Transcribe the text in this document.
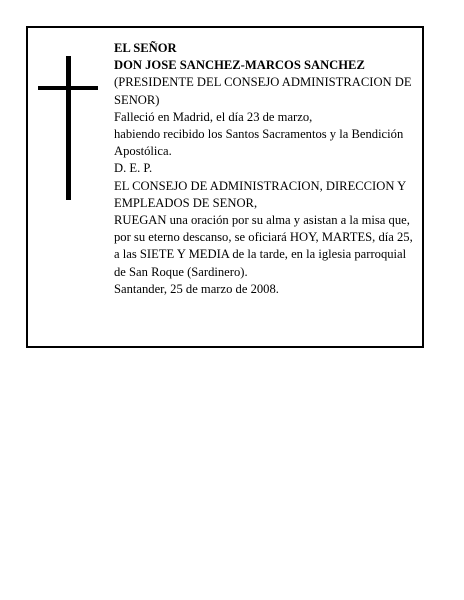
EL SEÑOR

DON JOSE SANCHEZ-MARCOS SANCHEZ

(PRESIDENTE DEL CONSEJO ADMINISTRACION DE SENOR)

Falleció en Madrid, el día 23 de marzo,

habiendo recibido los Santos Sacramentos y la Bendición Apostólica.

D. E. P.

EL CONSEJO DE ADMINISTRACION, DIRECCION Y EMPLEADOS DE SENOR,

RUEGAN una oración por su alma y asistan a la misa que, por su eterno descanso, se oficiará HOY, MARTES, día 25, a las SIETE Y MEDIA de la tarde, en la iglesia parroquial de San Roque (Sardinero).

Santander, 25 de marzo de 2008.
